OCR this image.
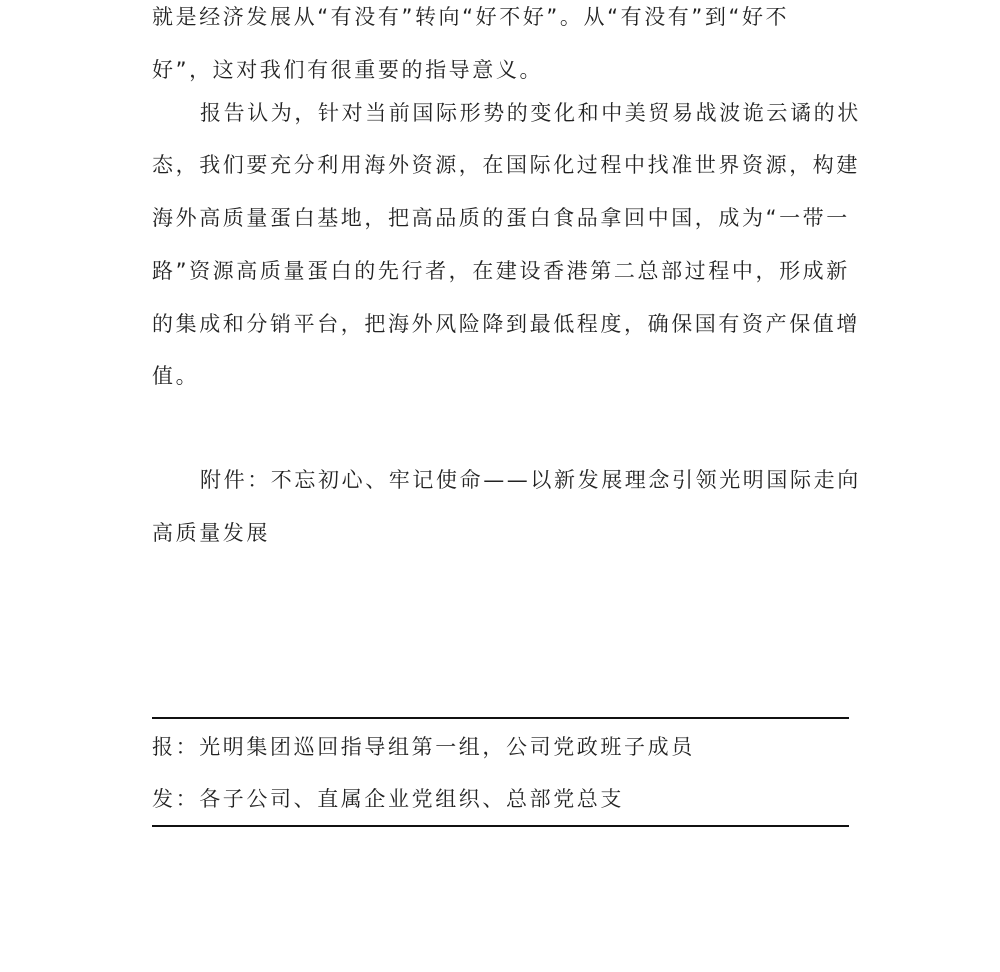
就是经济发展从“有没有”转向“好不好”。从“有没有”到“好不
好”，这对我们有很重要的指导意义。
报告认为，针对当前国际形势的变化和中美贸易战波诡云谲的状
态，我们要充分利用海外资源，在国际化过程中找准世界资源，构建
海外高质量蛋白基地，把高品质的蛋白食品拿回中国，成为“一带一
路”资源高质量蛋白的先行者，在建设香港第二总部过程中，形成新
的集成和分销平台，把海外风险降到最低程度，确保国有资产保值增
值。
附件：不忘初心、牢记使命——以新发展理念引领光明国际走向
高质量发展
报：光明集团巡回指导组第一组，公司党政班子成员
发：各子公司、直属企业党组织、总部党总支
